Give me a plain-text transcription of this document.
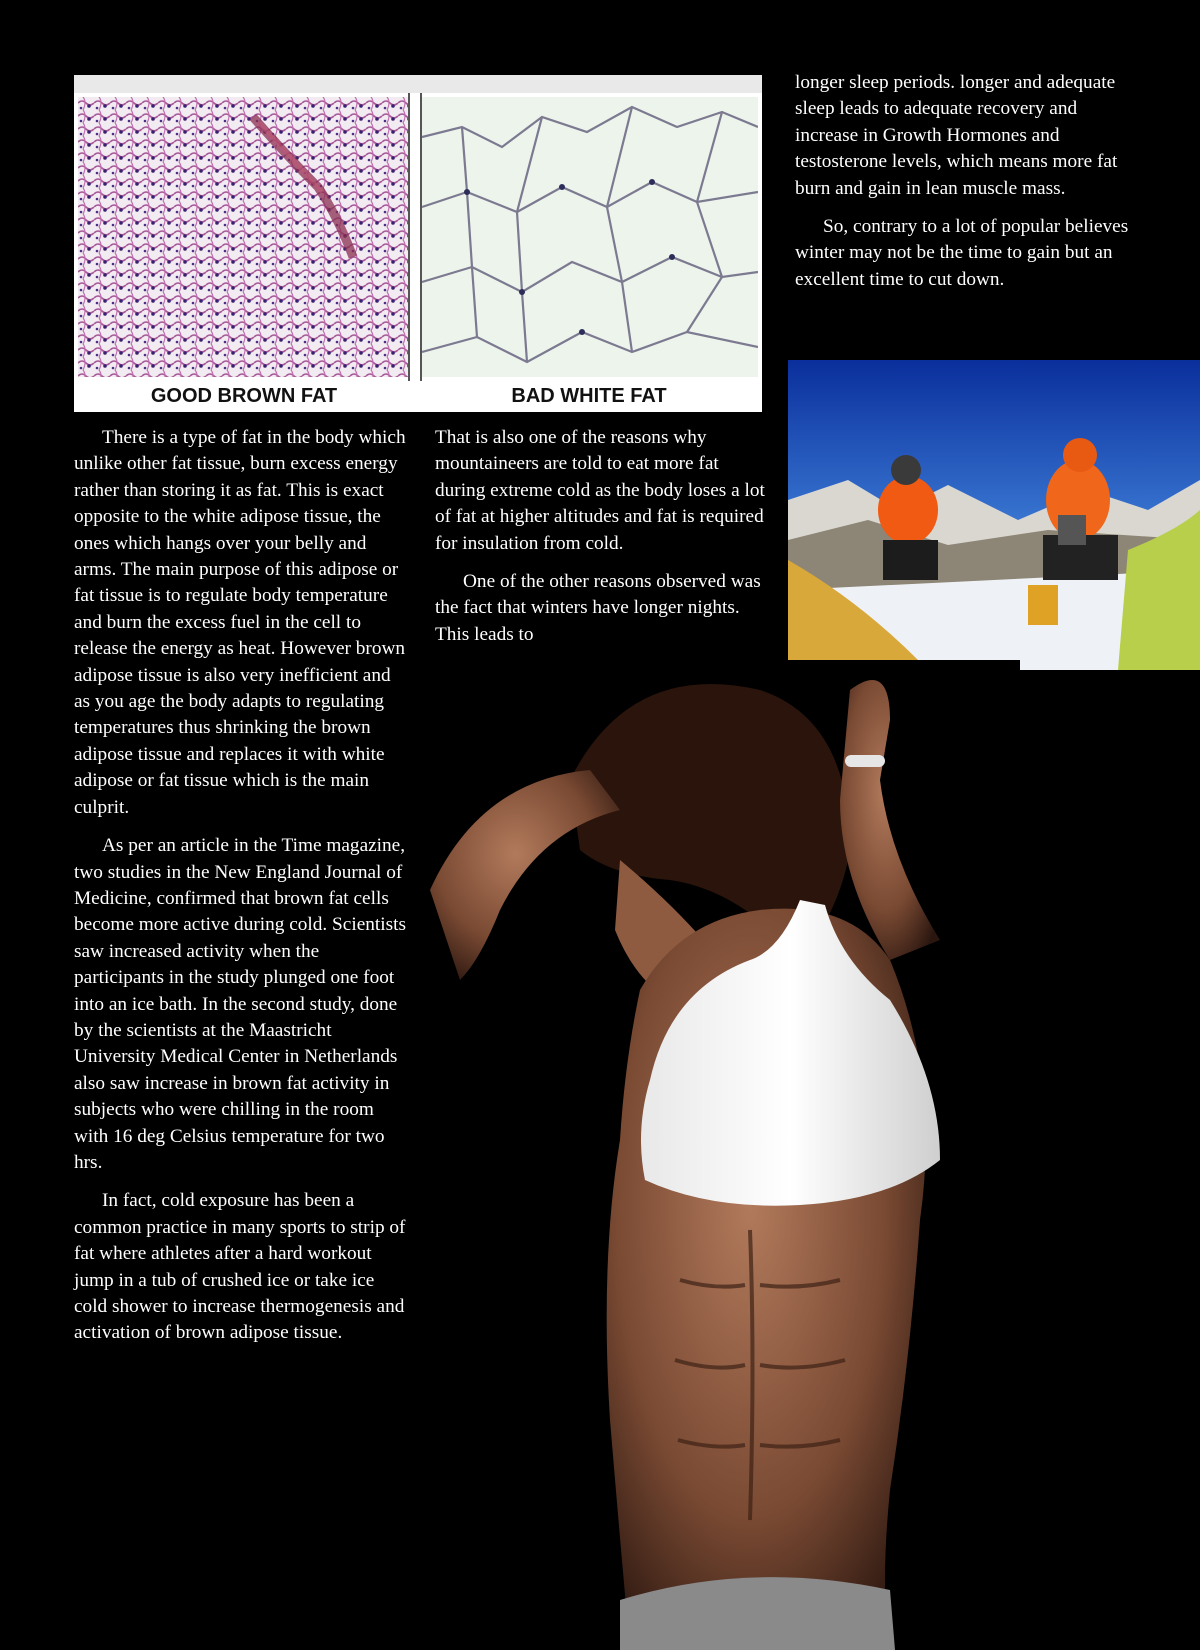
GOOD BROWN FAT	BAD WHITE FAT

There is a type of fat in the body which unlike other fat tissue, burn excess energy rather than storing it as fat. This is exact opposite to the white adipose tissue, the ones which hangs over your belly and arms. The main purpose of this adipose or fat tissue is to regulate body temperature and burn the excess fuel in the cell to release the energy as heat. However brown adipose tissue is also very inefficient and as you age the body adapts to regulating temperatures thus shrinking the brown adipose tissue and replaces it with white adipose or fat tissue which is the main culprit.

As per an article in the Time magazine, two studies in the New England Journal of Medicine, confirmed that brown fat cells become more active during cold. Scientists saw increased activity when the participants in the study plunged one foot into an ice bath. In the second study, done by the scientists at the Maastricht University Medical Center in Netherlands also saw increase in brown fat activity in subjects who were chilling in the room with 16 deg Celsius temperature for two hrs.

In fact, cold exposure has been a common practice in many sports to strip of fat where athletes after a hard workout jump in a tub of crushed ice or take ice cold shower to increase thermogenesis and activation of brown adipose tissue.

That is also one of the reasons why mountaineers are told to eat more fat during extreme cold as the body loses a lot of fat at higher altitudes and fat is required for insulation from cold.

One of the other reasons observed was the fact that winters have longer nights. This leads to

longer sleep periods. longer and adequate sleep leads to adequate recovery and increase in Growth Hormones and testosterone levels, which means more fat burn and gain in lean muscle mass.

So, contrary to a lot of popular believes winter may not be the time to gain but an excellent time to cut down.
